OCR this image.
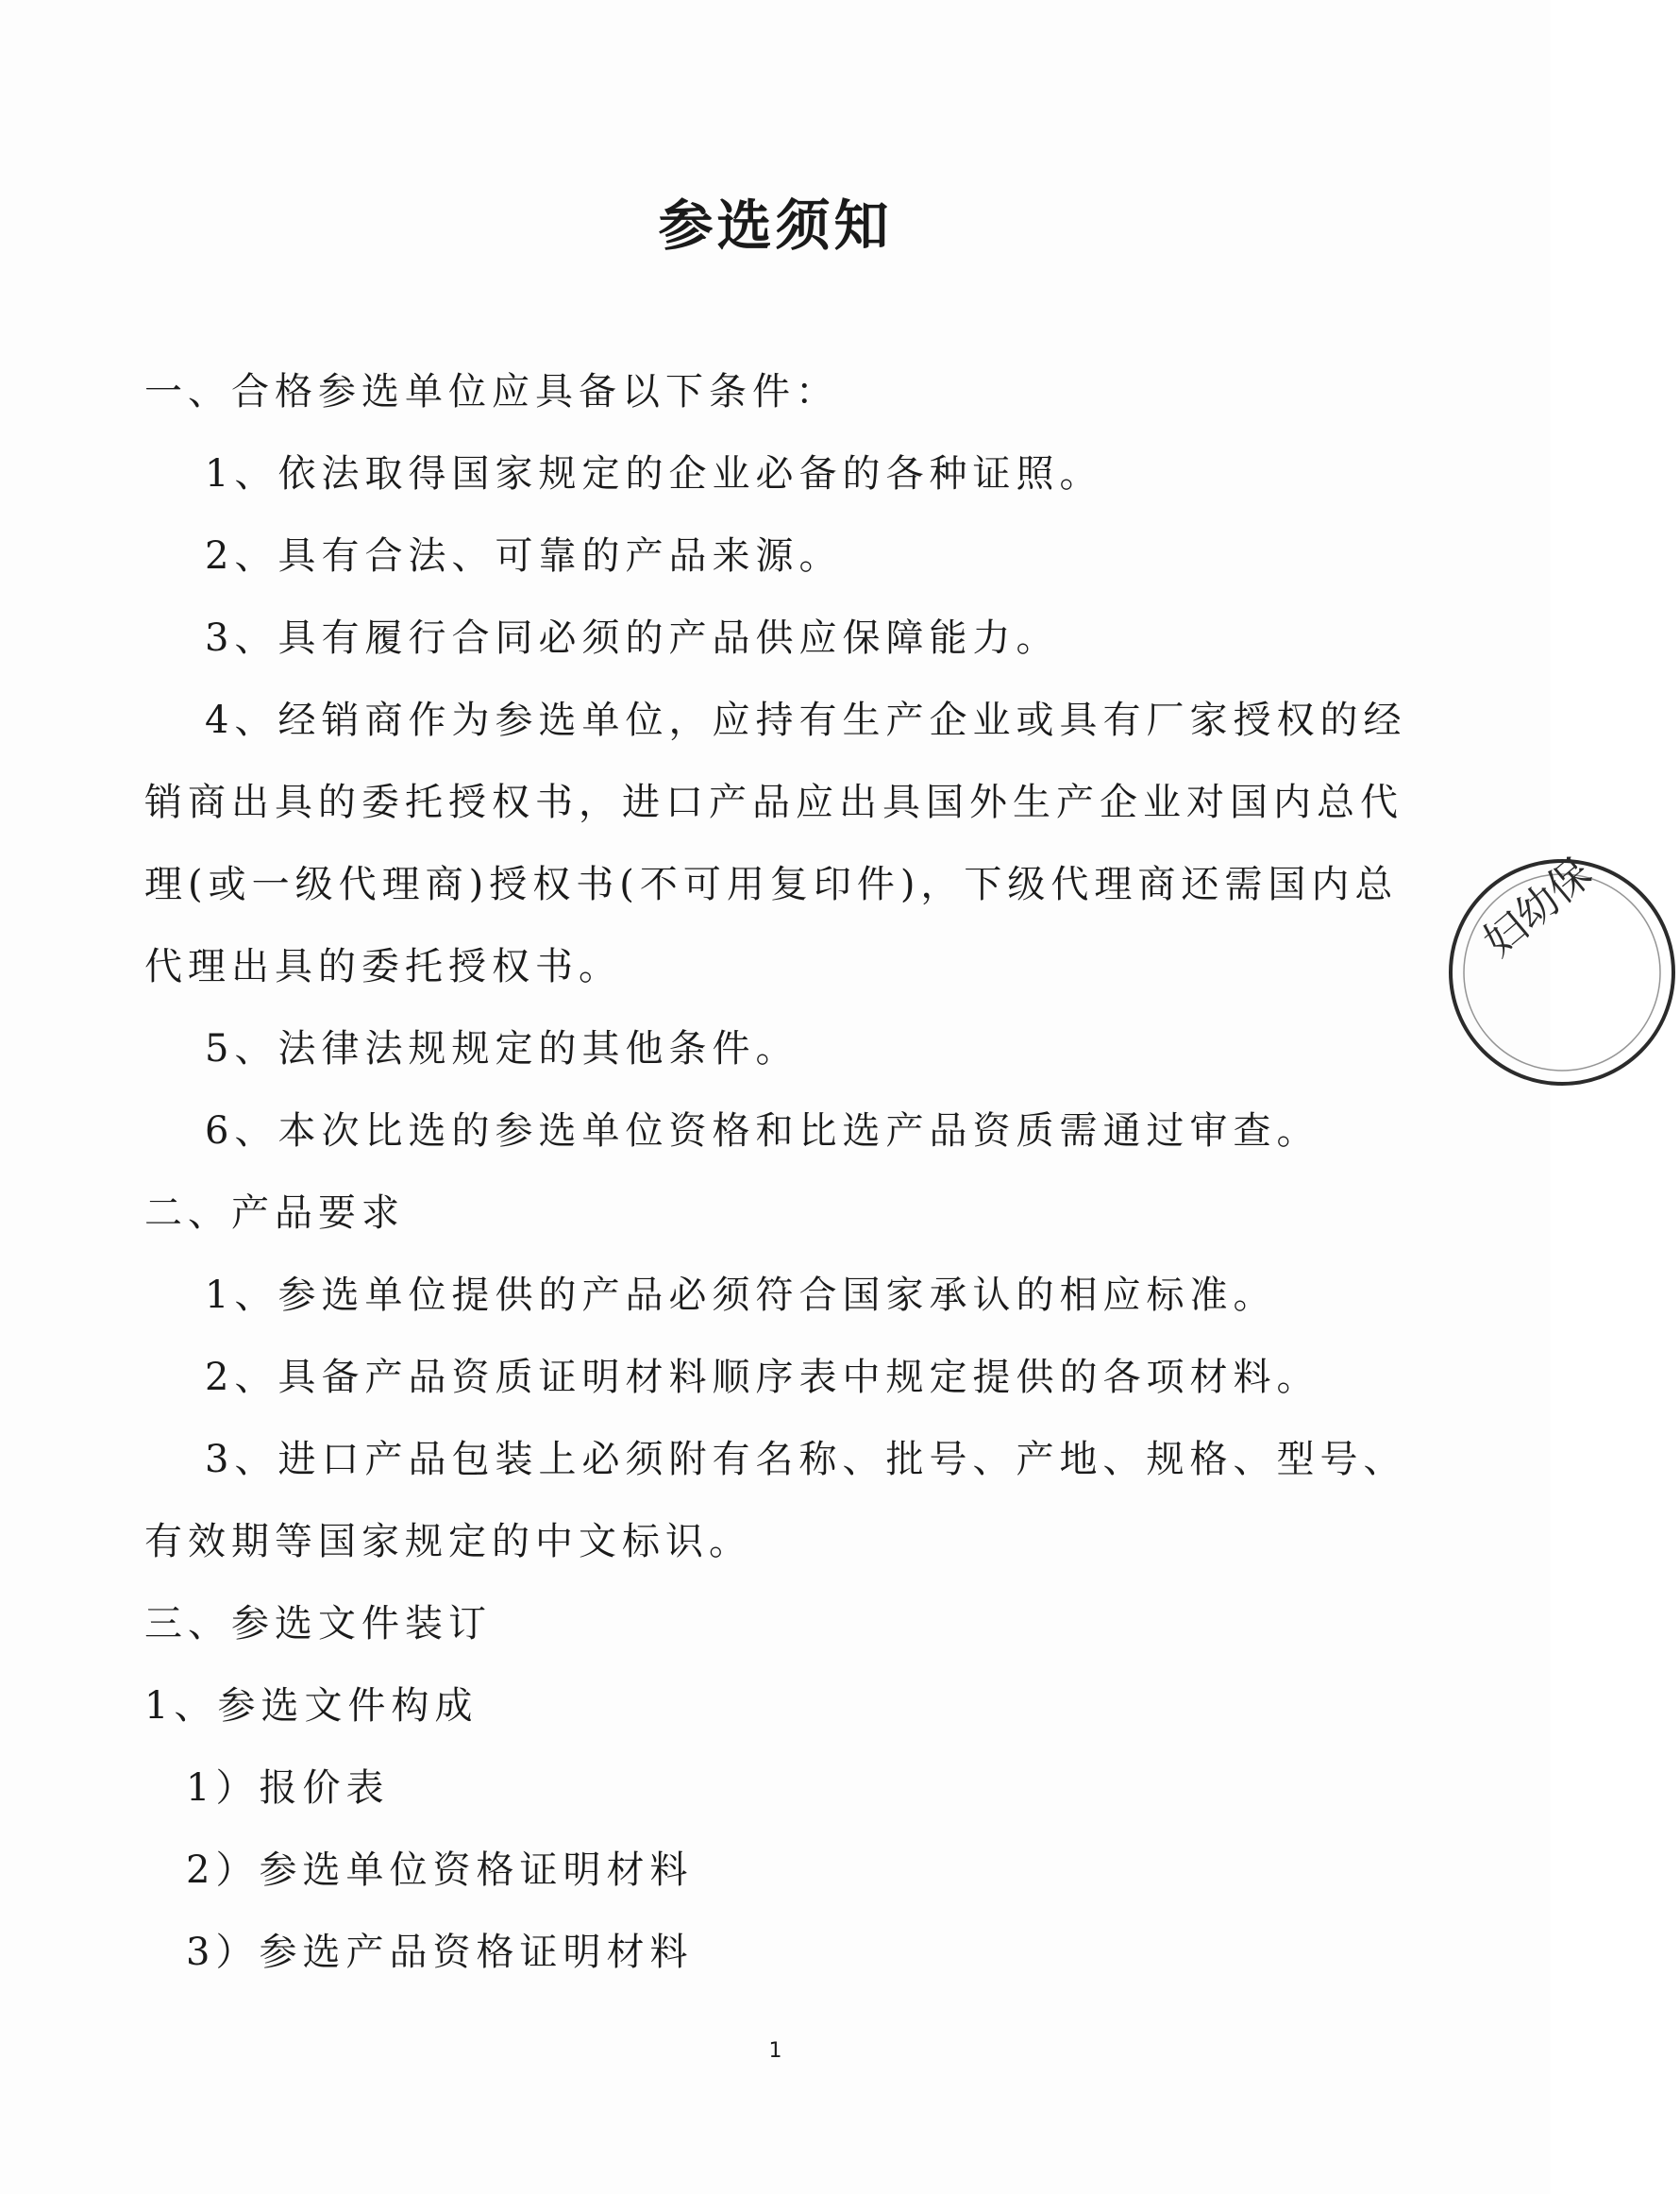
参选须知

一、合格参选单位应具备以下条件：

1、依法取得国家规定的企业必备的各种证照。

2、具有合法、可靠的产品来源。

3、具有履行合同必须的产品供应保障能力。

4、经销商作为参选单位，应持有生产企业或具有厂家授权的经销商出具的委托授权书，进口产品应出具国外生产企业对国内总代理(或一级代理商)授权书(不可用复印件)，下级代理商还需国内总代理出具的委托授权书。

5、法律法规规定的其他条件。

6、本次比选的参选单位资格和比选产品资质需通过审查。

二、产品要求

1、参选单位提供的产品必须符合国家承认的相应标准。

2、具备产品资质证明材料顺序表中规定提供的各项材料。

3、进口产品包装上必须附有名称、批号、产地、规格、型号、有效期等国家规定的中文标识。

三、参选文件装订

1、参选文件构成

1）报价表

2）参选单位资格证明材料

3）参选产品资格证明材料

妇幼保
1
